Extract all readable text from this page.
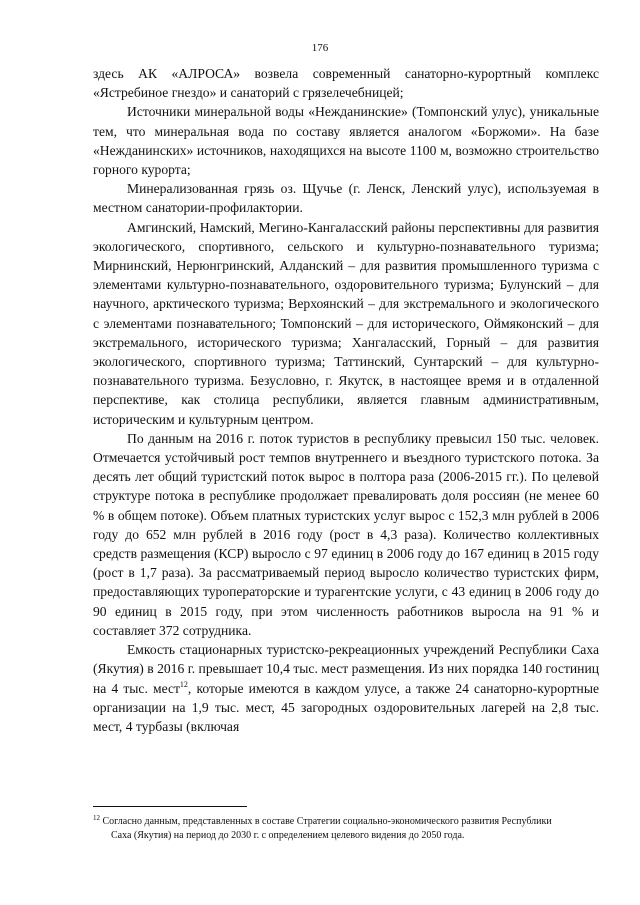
176

здесь АК «АЛРОСА» возвела современный санаторно-курортный комплекс «Ястребиное гнездо» и санаторий с грязелечебницей;

Источники минеральной воды «Нежданинские» (Томпонский улус), уникальные тем, что минеральная вода по составу является аналогом «Боржоми». На базе «Нежданинских» источников, находящихся на высоте 1100 м, возможно строительство горного курорта;

Минерализованная грязь оз. Щучье (г. Ленск, Ленский улус), используемая в местном санатории-профилактории.

Амгинский, Намский, Мегино-Кангаласский районы перспективны для развития экологического, спортивного, сельского и культурно-познавательного туризма; Мирнинский, Нерюнгринский, Алданский – для развития промышленного туризма с элементами культурно-познавательного, оздоровительного туризма; Булунский – для научного, арктического туризма; Верхоянский – для экстремального и экологического с элементами познавательного; Томпонский – для исторического, Оймяконский – для экстремального, исторического туризма; Хангаласский, Горный – для развития экологического, спортивного туризма; Таттинский, Сунтарский – для культурно-познавательного туризма. Безусловно, г. Якутск, в настоящее время и в отдаленной перспективе, как столица республики, является главным административным, историческим и культурным центром.

По данным на 2016 г. поток туристов в республику превысил 150 тыс. человек. Отмечается устойчивый рост темпов внутреннего и въездного туристского потока. За десять лет общий туристский поток вырос в полтора раза (2006-2015 гг.). По целевой структуре потока в республике продолжает превалировать доля россиян (не менее 60 % в общем потоке). Объем платных туристских услуг вырос с 152,3 млн рублей в 2006 году до 652 млн рублей в 2016 году (рост в 4,3 раза). Количество коллективных средств размещения (КСР) выросло с 97 единиц в 2006 году до 167 единиц в 2015 году (рост в 1,7 раза). За рассматриваемый период выросло количество туристских фирм, предоставляющих туроператорские и турагентские услуги, с 43 единиц в 2006 году до 90 единиц в 2015 году, при этом численность работников выросла на 91 % и составляет 372 сотрудника.

Емкость стационарных туристско-рекреационных учреждений Республики Саха (Якутия) в 2016 г. превышает 10,4 тыс. мест размещения. Из них порядка 140 гостиниц на 4 тыс. мест$^{12}$, которые имеются в каждом улусе, а также 24 санаторно-курортные организации на 1,9 тыс. мест, 45 загородных оздоровительных лагерей на 2,8 тыс. мест, 4 турбазы (включая

$^{12}$ Согласно данным, представленных в составе Стратегии социально-экономического развития Республики
Саха (Якутия) на период до 2030 г. с определением целевого видения до 2050 года.
